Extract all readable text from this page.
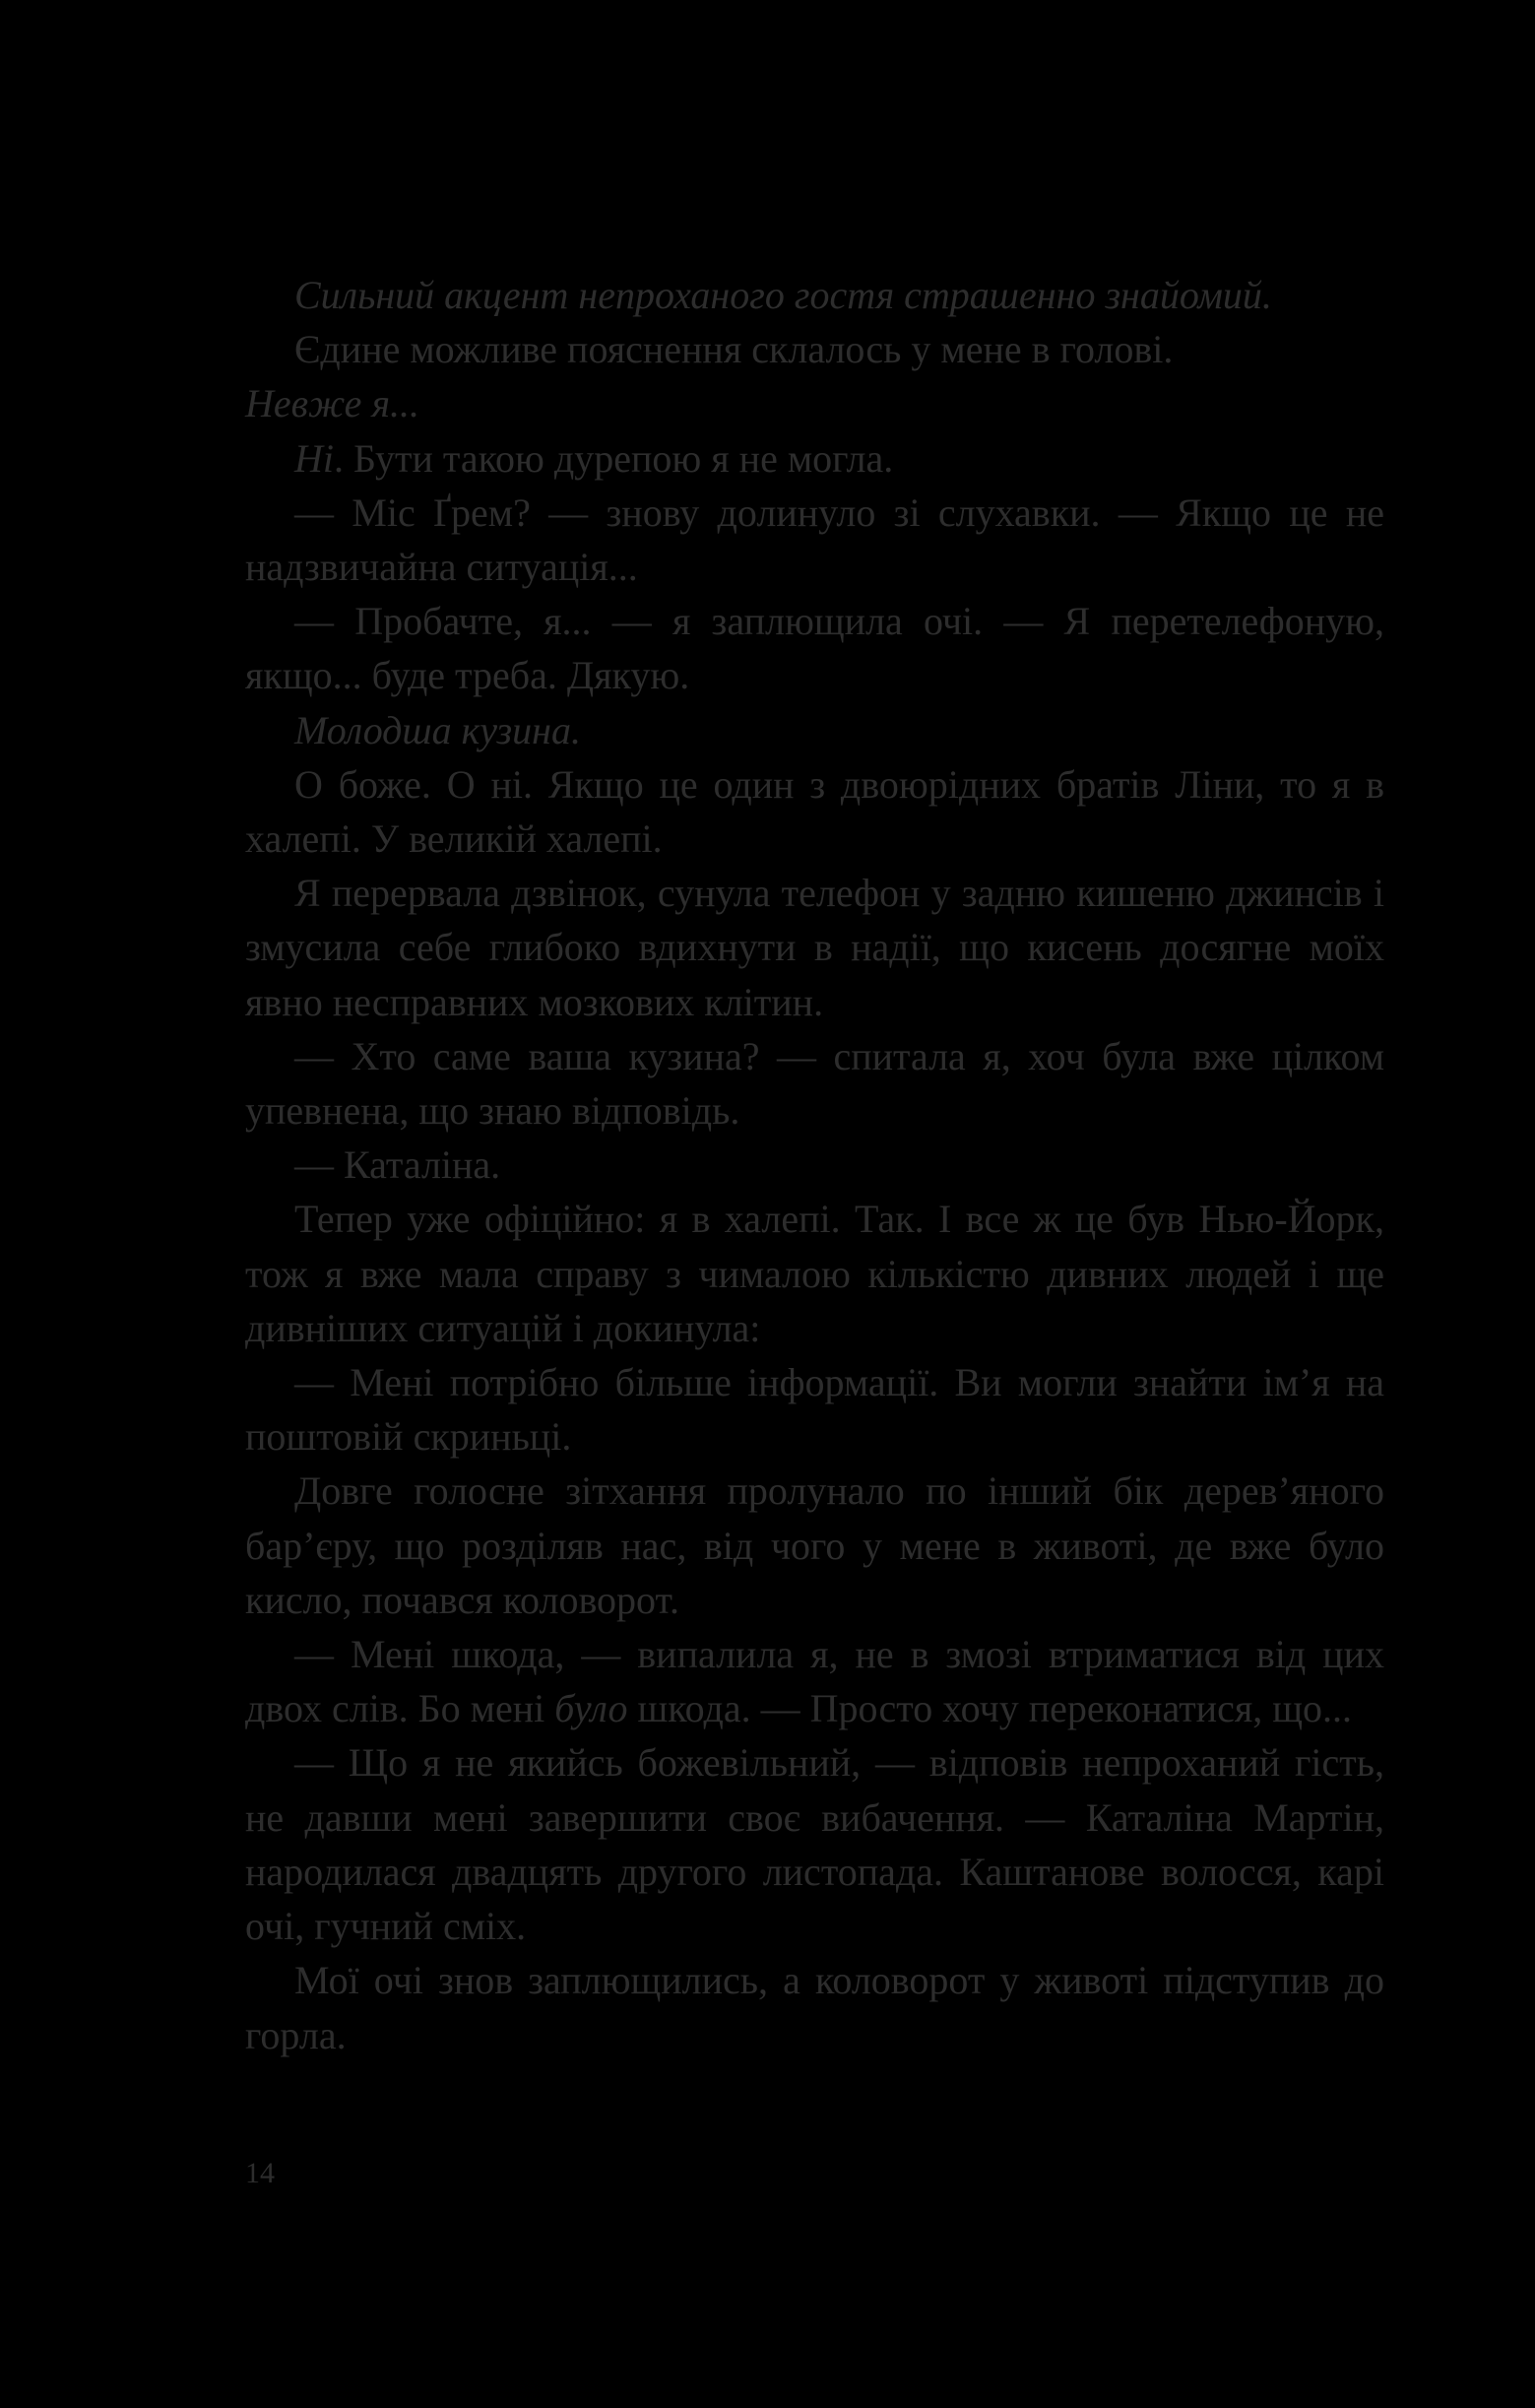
Сильний акцент непроханого гостя страшенно знайомий.

Єдине можливе пояснення склалось у мене в голові.

Невже я...

Ні. Бути такою дурепою я не могла.

— Міс Ґрем? — знову долинуло зі слухавки. — Якщо це не надзвичайна ситуація...

— Пробачте, я... — я заплющила очі. — Я перетелефоную, якщо... буде треба. Дякую.

Молодша кузина.

О боже. О ні. Якщо це один з двоюрідних братів Ліни, то я в халепі. У великій халепі.

Я перервала дзвінок, сунула телефон у задню кишеню джинсів і змусила себе глибоко вдихнути в надії, що кисень досягне моїх явно несправних мозкових клітин.

— Хто саме ваша кузина? — спитала я, хоч була вже цілком упевнена, що знаю відповідь.

— Каталіна.

Тепер уже офіційно: я в халепі. Так. І все ж це був Нью-Йорк, тож я вже мала справу з чималою кількістю дивних людей і ще дивніших ситуацій і докинула:

— Мені потрібно більше інформації. Ви могли знайти ім’я на поштовій скриньці.

Довге голосне зітхання пролунало по інший бік дерев’яного бар’єру, що розділяв нас, від чого у мене в животі, де вже було кисло, почався коловорот.

— Мені шкода, — випалила я, не в змозі втриматися від цих двох слів. Бо мені було шкода. — Просто хочу переконатися, що...

— Що я не якийсь божевільний, — відповів непроханий гість, не давши мені завершити своє вибачення. — Каталіна Мартін, народилася двадцять другого листопада. Каштанове волосся, карі очі, гучний сміх.

Мої очі знов заплющились, а коловорот у животі підступив до горла.

14
